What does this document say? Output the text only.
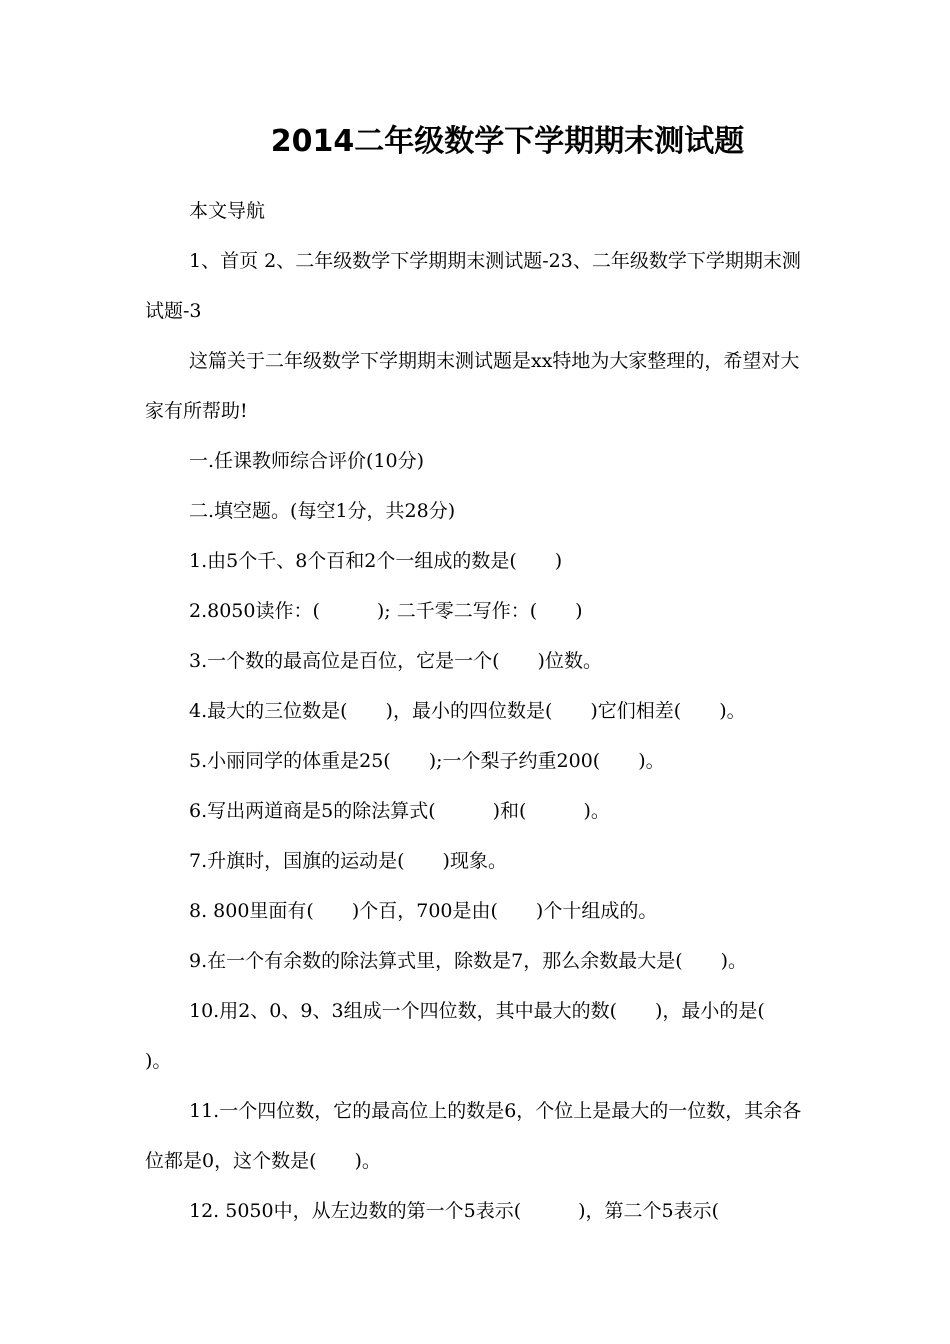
2014二年级数学下学期期末测试题

本文导航

1、首页 2、二年级数学下学期期末测试题-23、二年级数学下学期期末测试题-3

这篇关于二年级数学下学期期末测试题是xx特地为大家整理的，希望对大家有所帮助!

一.任课教师综合评价(10分)

二.填空题。(每空1分，共28分)

1.由5个千、8个百和2个一组成的数是(　　)

2.8050读作：(　　　); 二千零二写作：(　　)

3.一个数的最高位是百位，它是一个(　　)位数。

4.最大的三位数是(　　)，最小的四位数是(　　)它们相差(　　)。

5.小丽同学的体重是25(　　);一个梨子约重200(　　)。

6.写出两道商是5的除法算式(　　　)和(　　　)。

7.升旗时，国旗的运动是(　　)现象。

8. 800里面有(　　)个百，700是由(　　)个十组成的。

9.在一个有余数的除法算式里，除数是7，那么余数最大是(　　)。

10.用2、0、9、3组成一个四位数，其中最大的数(　　)，最小的是(　　)。

11.一个四位数，它的最高位上的数是6，个位上是最大的一位数，其余各位都是0，这个数是(　　)。

12. 5050中，从左边数的第一个5表示(　　　)，第二个5表示(
